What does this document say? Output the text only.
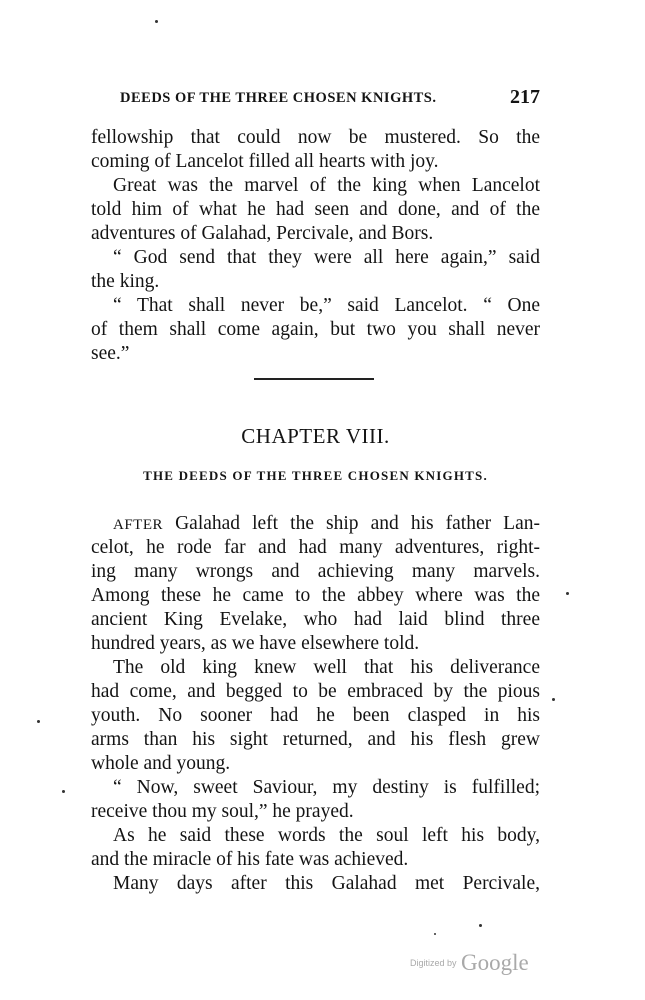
DEEDS OF THE THREE CHOSEN KNIGHTS.	217
fellowship that could now be mustered. So the
coming of Lancelot filled all hearts with joy.
Great was the marvel of the king when Lancelot
told him of what he had seen and done, and of the
adventures of Galahad, Percivale, and Bors.
“ God send that they were all here again,” said
the king.
“ That shall never be,” said Lancelot. “ One
of them shall come again, but two you shall never
see.”
CHAPTER VIII.
THE DEEDS OF THE THREE CHOSEN KNIGHTS.
AFTER Galahad left the ship and his father Lan-
celot, he rode far and had many adventures, right-
ing many wrongs and achieving many marvels.
Among these he came to the abbey where was the
ancient King Evelake, who had laid blind three
hundred years, as we have elsewhere told.
The old king knew well that his deliverance
had come, and begged to be embraced by the pious
youth. No sooner had he been clasped in his
arms than his sight returned, and his flesh grew
whole and young.
“ Now, sweet Saviour, my destiny is fulfilled;
receive thou my soul,” he prayed.
As he said these words the soul left his body,
and the miracle of his fate was achieved.
Many days after this Galahad met Percivale,
Digitized by Google
